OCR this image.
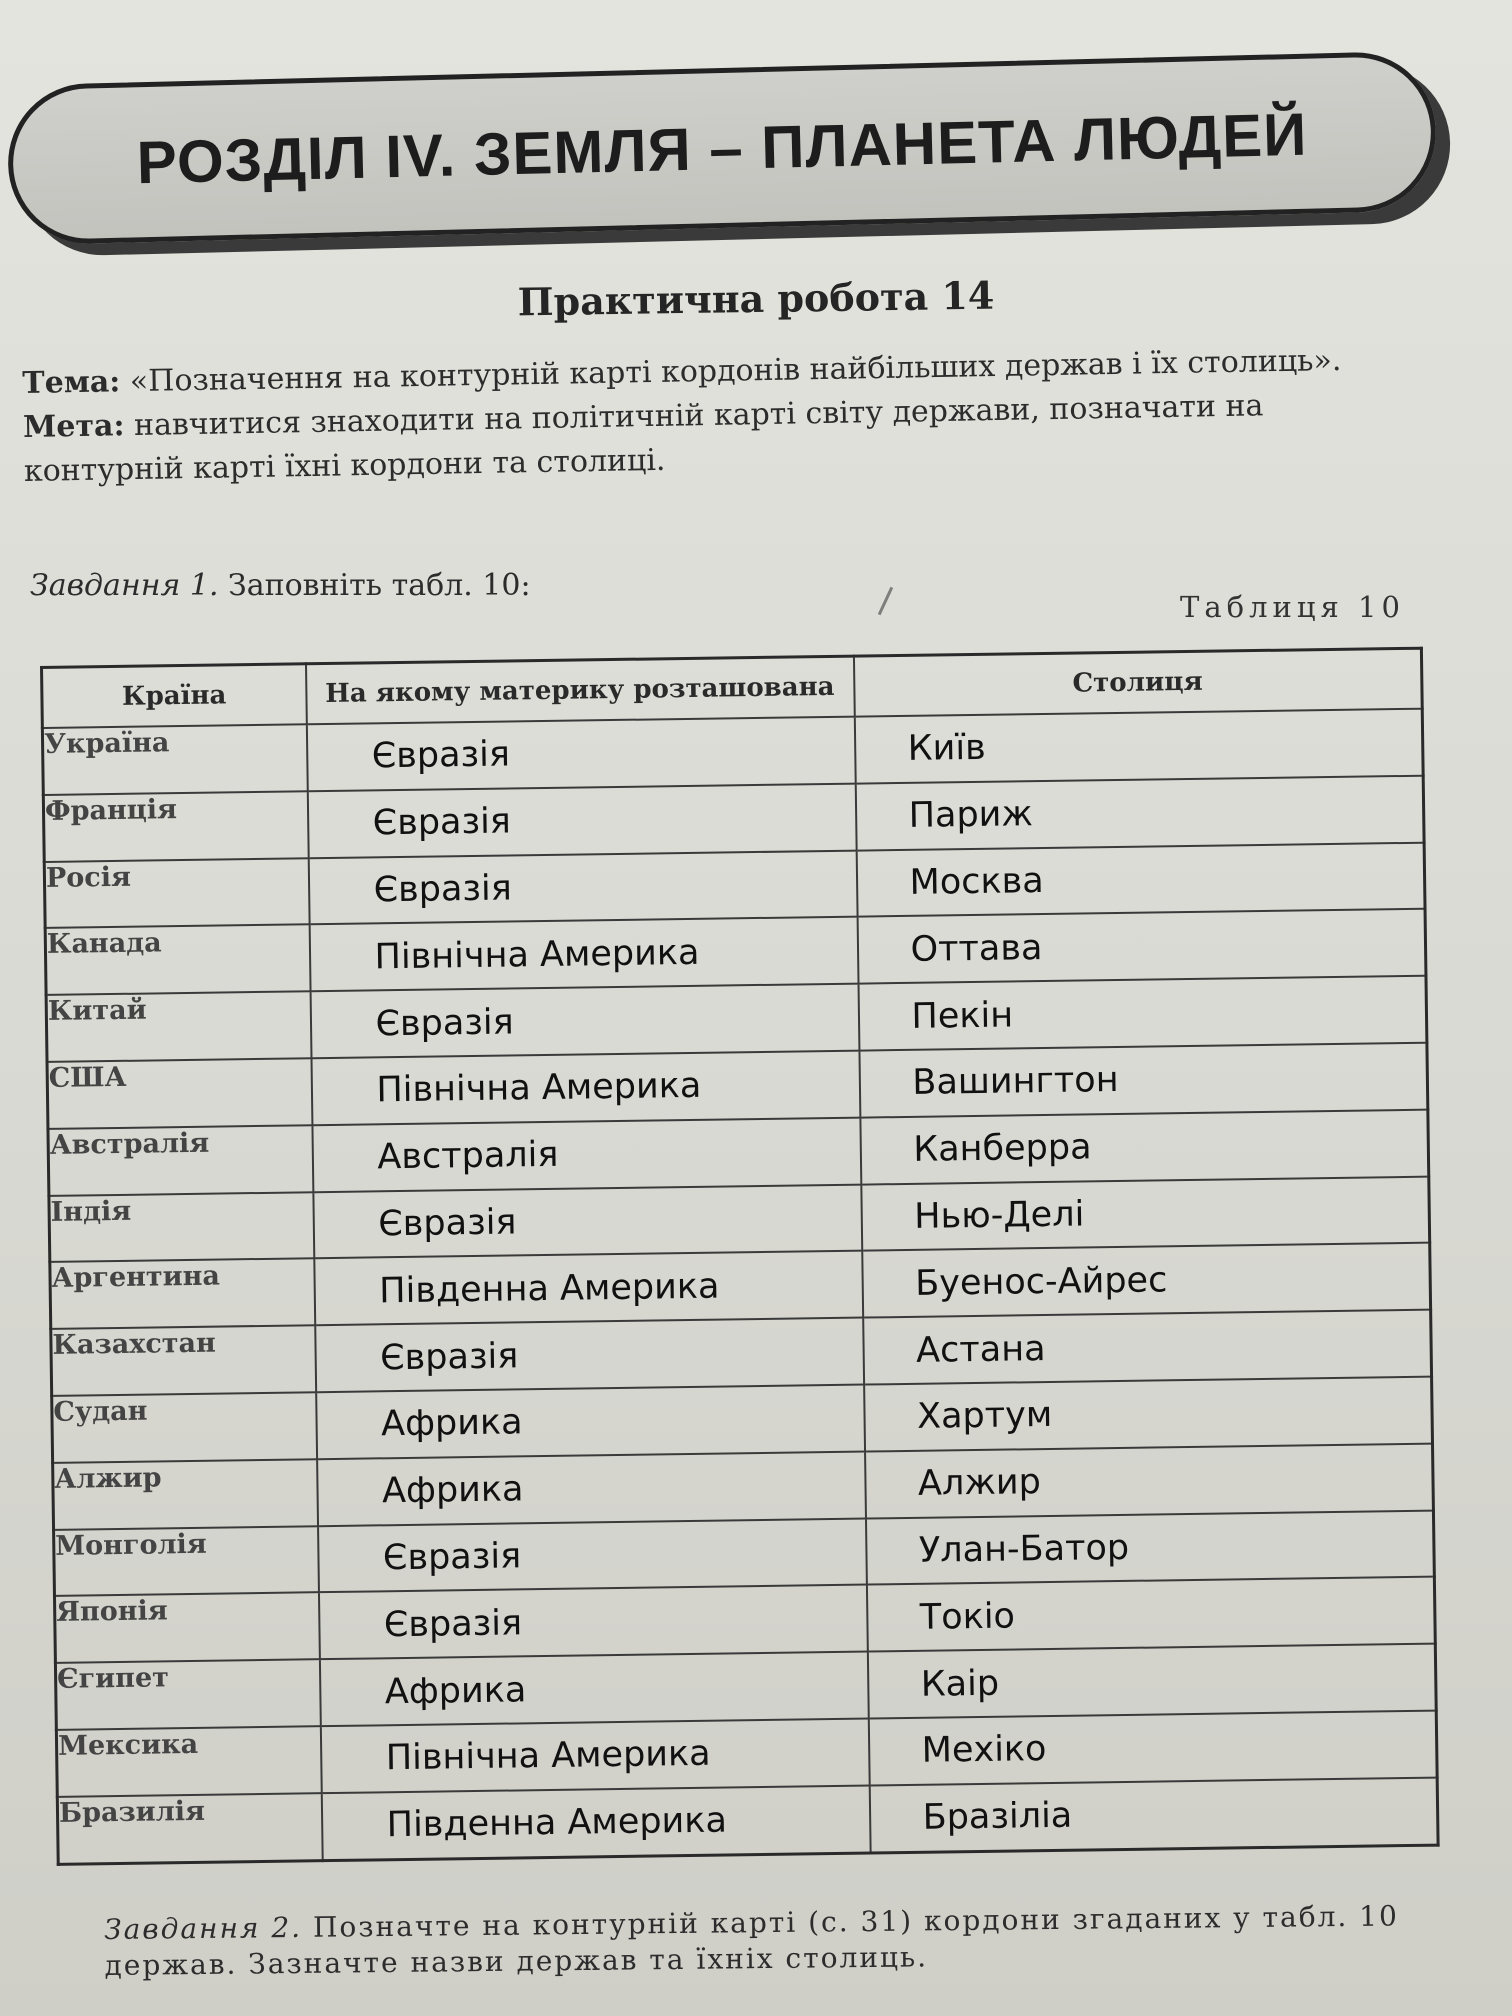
РОЗДІЛ IV. ЗЕМЛЯ – ПЛАНЕТА ЛЮДЕЙ
Практична робота 14
Тема: «Позначення на контурній карті кордонів найбільших держав і їх столиць».
Мета: навчитися знаходити на політичній карті світу держави, позначати на контурній карті їхні кордони та столиці.
Завдання 1. Заповніть табл. 10:
Таблиця 10
Країна	На якому материку розташована	Столиця
Україна	Євразія	Київ
Франція	Євразія	Париж
Росія	Євразія	Москва
Канада	Північна Америка	Оттава
Китай	Євразія	Пекін
США	Північна Америка	Вашингтон
Австралія	Австралія	Канберра
Індія	Євразія	Нью-Делі
Аргентина	Південна Америка	Буенос-Айрес
Казахстан	Євразія	Астана
Судан	Африка	Хартум
Алжир	Африка	Алжир
Монголія	Євразія	Улан-Батор
Японія	Євразія	Токіо
Єгипет	Африка	Каір
Мексика	Північна Америка	Мехіко
Бразилія	Південна Америка	Бразіліа
Завдання 2. Позначте на контурній карті (с. 31) кордони згаданих у табл. 10 держав. Зазначте назви держав та їхніх столиць.
